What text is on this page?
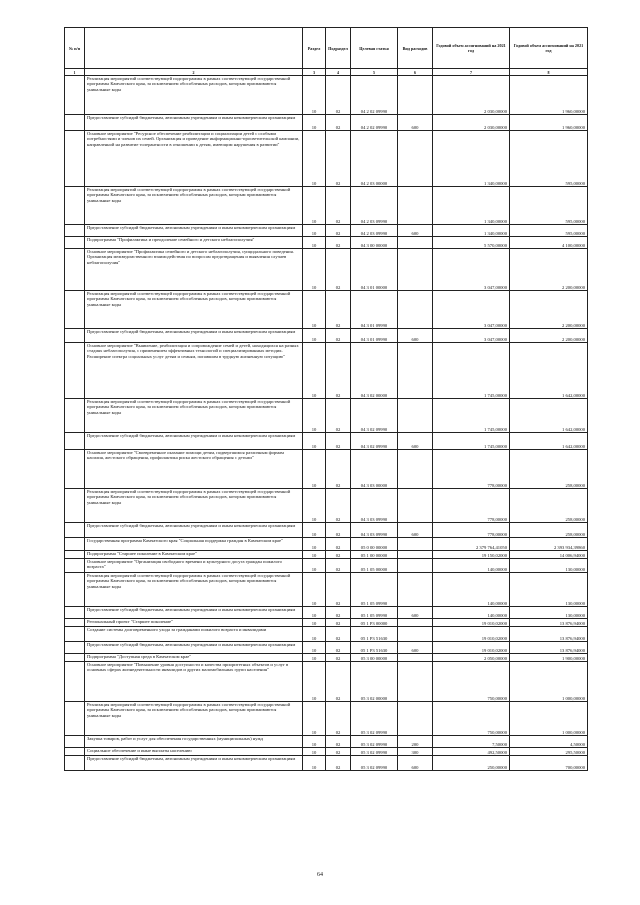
№ п/п		Раздел	Подраздел	Целевая статья	Вид расходов	Годовой объем ассигнований на 2021 год	Годовой объем ассигнований на 2021 год
1	2	3	4	5	6	7	8
	Реализация мероприятий соответствующей подпрограммы в рамках соответствующей государственной программы Камчатского края, за исключением обособленных расходов, которым присваиваются уникальные коды	10	02	04 2 02 09990		2 030,00000	1 960,00000
	Предоставление субсидий бюджетным, автономным учреждениям и иным некоммерческим организациям	10	02	04 2 02 09990	600	2 030,00000	1 960,00000
	Основное мероприятие "Ресурсное обеспечение реабилитации и социализации детей с особыми потребностями и членов их семей. Организация и проведение информационно-просветительской кампании, направленной на развитие толерантности в отношении к детям, имеющим нарушения в развитии"	10	02	04 2 03 00000		1 340,00000	595,00000
	Реализация мероприятий соответствующей подпрограммы в рамках соответствующей государственной программы Камчатского края, за исключением обособленных расходов, которым присваиваются уникальные коды	10	02	04 2 03 09990		1 340,00000	595,00000
	Предоставление субсидий бюджетным, автономным учреждениям и иным некоммерческим организациям	10	02	04 2 03 09990	600	1 340,00000	595,00000
	Подпрограмма "Профилактика и преодоление семейного и детского неблагополучия"	10	02	04 3 00 00000		5 570,00000	4 100,00000
	Основное мероприятие "Профилактика семейного и детского неблагополучия, суицидального поведения. Организация межведомственного взаимодействия по вопросам предотвращения и выявления случаев неблагополучия"	10	02	04 3 01 00000		3 047,00000	2 200,00000
	Реализация мероприятий соответствующей подпрограммы в рамках соответствующей государственной программы Камчатского края, за исключением обособленных расходов, которым присваиваются уникальные коды	10	02	04 3 01 09990		3 047,00000	2 200,00000
	Предоставление субсидий бюджетным, автономным учреждениям и иным некоммерческим организациям	10	02	04 3 01 09990	600	3 047,00000	2 200,00000
	Основное мероприятие "Выявление, реабилитация и сопровождение семей и детей, находящихся на разных стадиях неблагополучия, с применением эффективных технологий и специализированных методик. Расширение спектра социальных услуг детям и семьям, попавшим в трудную жизненную ситуацию"	10	02	04 3 02 00000		1 745,00000	1 642,00000
	Реализация мероприятий соответствующей подпрограммы в рамках соответствующей государственной программы Камчатского края, за исключением обособленных расходов, которым присваиваются уникальные коды	10	02	04 3 02 09990		1 745,00000	1 642,00000
	Предоставление субсидий бюджетным, автономным учреждениям и иным некоммерческим организациям	10	02	04 3 02 09990	600	1 745,00000	1 642,00000
	Основное мероприятие "Своевременное оказание помощи детям, подвергшимся различным формам насилия, жестокого обращения, профилактика риска жестокого обращения с детьми"	10	02	04 3 03 00000		778,00000	258,00000
	Реализация мероприятий соответствующей подпрограммы в рамках соответствующей государственной программы Камчатского края, за исключением обособленных расходов, которым присваиваются уникальные коды	10	02	04 3 03 09990		778,00000	258,00000
	Предоставление субсидий бюджетным, автономным учреждениям и иным некоммерческим организациям	10	02	04 3 03 09990	600	778,00000	258,00000
	Государственная программа Камчатского края "Социальная поддержка граждан в Камчатском крае"	10	02	05 0 00 00000		2 379 764,41050	2 393 934,39860
	Подпрограмма "Старшее поколение в Камчатском крае"	10	02	05 1 00 00000		19 150,02000	14 006,94000
	Основное мероприятие "Организация свободного времени и культурного досуга граждан пожилого возраста"	10	02	05 1 05 00000		140,00000	130,00000
	Реализация мероприятий соответствующей подпрограммы в рамках соответствующей государственной программы Камчатского края, за исключением обособленных расходов, которым присваиваются уникальные коды	10	02	05 1 05 09990		140,00000	130,00000
	Предоставление субсидий бюджетным, автономным учреждениям и иным некоммерческим организациям	10	02	05 1 05 09990	600	140,00000	130,00000
	Региональный проект "Старшее поколение"	10	02	05 1 P3 00000		19 010,02000	13 876,94000
	Создание системы долговременного ухода за гражданами пожилого возраста и инвалидами	10	02	05 1 P3 51630		19 010,02000	13 876,94000
	Предоставление субсидий бюджетным, автономным учреждениям и иным некоммерческим организациям	10	02	05 1 P3 51630	600	19 010,02000	13 876,94000
	Подпрограмма "Доступная среда в Камчатском крае"	10	02	05 3 00 00000		2 050,00000	1 900,00000
	Основное мероприятие "Повышение уровня доступности и качества приоритетных объектов и услуг в основных сферах жизнедеятельности инвалидов и других маломобильных групп населения"	10	02	05 3 02 00000		750,00000	1 000,00000
	Реализация мероприятий соответствующей подпрограммы в рамках соответствующей государственной программы Камчатского края, за исключением обособленных расходов, которым присваиваются уникальные коды	10	02	05 3 02 09990		750,00000	1 000,00000
	Закупка товаров, работ и услуг для обеспечения государственных (муниципальных) нужд	10	02	05 3 02 09990	200	7,50000	4,50000
	Социальное обеспечение и иные выплаты населению	10	02	05 3 02 09990	300	492,50000	295,50000
	Предоставление субсидий бюджетным, автономным учреждениям и иным некоммерческим организациям	10	02	05 3 02 09990	600	250,00000	700,00000
64
